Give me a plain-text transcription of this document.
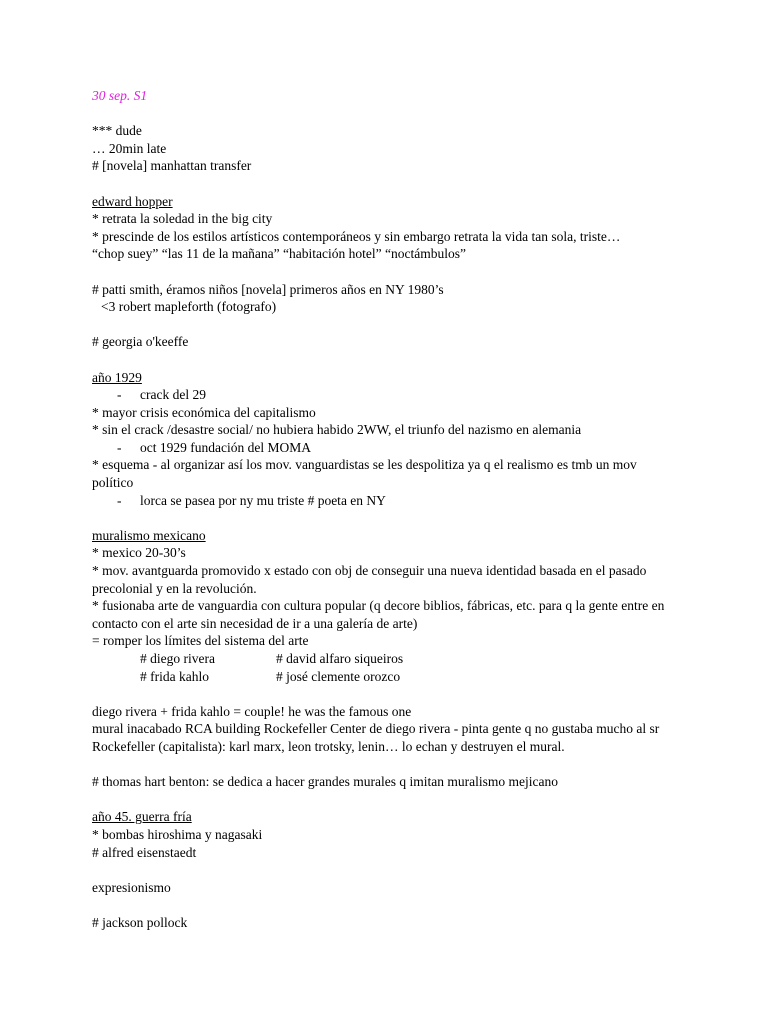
30 sep. S1
*** dude
… 20min late
# [novela] manhattan transfer
edward hopper
* retrata la soledad in the big city
* prescinde de los estilos artísticos contemporáneos y sin embargo retrata la vida tan sola, triste…
“chop suey” “las 11 de la mañana” “habitación hotel” “noctámbulos”
# patti smith, éramos niños [novela] primeros años en NY 1980’s
<3 robert mapleforth (fotografo)
# georgia o'keeffe
año 1929
-	crack del 29
* mayor crisis económica del capitalismo
* sin el crack /desastre social/ no hubiera habido 2WW, el triunfo del nazismo en alemania
-	oct 1929 fundación del MOMA
* esquema - al organizar así los mov. vanguardistas se les despolitiza ya q el realismo es tmb un mov político
-	lorca se pasea por ny mu triste # poeta en NY
muralismo mexicano
* mexico 20-30’s
* mov. avantguarda promovido x estado con obj de conseguir una nueva identidad basada en el pasado precolonial y en la revolución.
* fusionaba arte de vanguardia con cultura popular (q decore biblios, fábricas, etc. para q la gente entre en contacto con el arte sin necesidad de ir a una galería de arte)
= romper los límites del sistema del arte
# diego rivera	# david alfaro siqueiros
# frida kahlo	# josé clemente orozco
diego rivera + frida kahlo = couple! he was the famous one
mural inacabado RCA building Rockefeller Center de diego rivera - pinta gente q no gustaba mucho al sr Rockefeller (capitalista): karl marx, leon trotsky, lenin… lo echan y destruyen el mural.
# thomas hart benton: se dedica a hacer grandes murales q imitan muralismo mejicano
año 45. guerra fría
* bombas hiroshima y nagasaki
# alfred eisenstaedt
expresionismo
# jackson pollock
